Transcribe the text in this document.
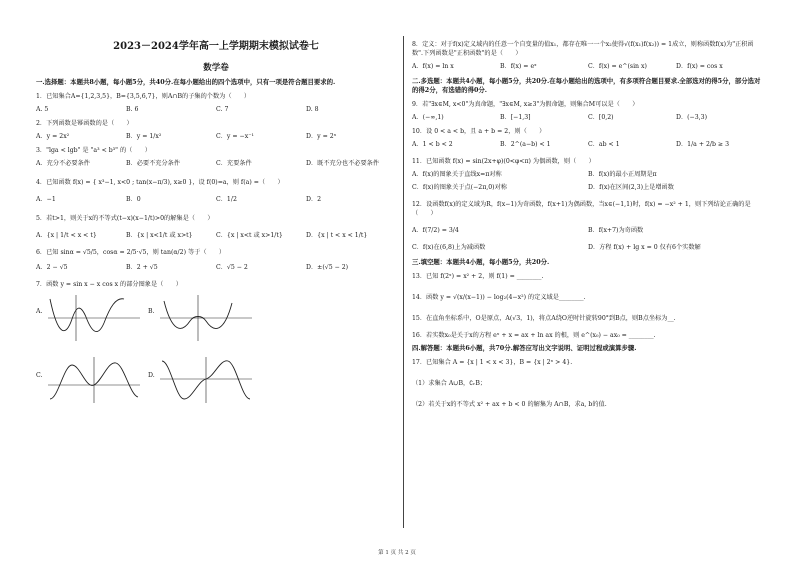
2023－2024学年高一上学期期末模拟试卷七
数学卷
一.选择题：本题共8小题，每小题5分，共40分.在每小题给出的四个选项中，只有一项是符合题目要求的.
1．已知集合A={1,2,3,5}，B={3,5,6,7}，则A∩B的子集的个数为（　　）
A. 5	B. 6	C. 7	D. 8
2．下列函数是幂函数的是（　　）
A．y = 2x²	B．y = 1/x²	C．y = −x⁻¹	D．y = 2ˣ
3．"lga < lgb" 是 "a³ < b³" 的（　　）
A．充分不必要条件	B．必要不充分条件	C．充要条件	D．既不充分也不必要条件
4．已知函数 f(x) = { x³−1, x<0 ; tan(x−π/3), x≥0 }，设 f(0)=a，则 f(a) =（　　）
A．−1	B．0	C．1/2	D．2
5．若t>1，则关于x的不等式(t−x)(x−1/t)>0的解集是（　　）
A．{x | 1/t < x < t}	B．{x | x<1/t 或 x>t}	C．{x | x<t 或 x>1/t}	D．{x | t < x < 1/t}
6．已知 sinα = √5/5，cosα = 2/5·√5，则 tan(α/2) 等于（　　）
A．2 − √5	B．2 + √5	C．√5 − 2	D．±(√5 − 2)
7．函数 y = sin x − x cos x 的部分图象是（　　）
A.	B.
C.	D.
8．定义：对于f(x)定义域内的任意一个自变量的值x₁，都存在唯一一个x₂使得√(f(x₁)f(x₂)) = 1成立，则称函数f(x)为"正积函数".下列函数是"正积函数"的是（　　）
A．f(x) = ln x	B．f(x) = eˣ	C．f(x) = e^(sin x)	D．f(x) = cos x
二.多选题：本题共4小题，每小题5分，共20分.在每小题给出的选项中，有多项符合题目要求.全部选对的得5分，部分选对的得2分，有选错的得0分.
9．若"∃x∈M, x<0"为真命题，"∃x∈M, x≥3"为假命题，则集合M可以是（　　）
A．(−∞,1)	B．[−1,3]	C．[0,2)	D．(−3,3)
10．设 0 < a < b，且 a + b = 2，则（　　）
A．1 < b < 2	B．2^(a−b) < 1	C．ab < 1	D．1/a + 2/b ≥ 3
11．已知函数 f(x) = sin(2x+φ)(0<φ<π) 为偶函数，则（　　）
A．f(x)的图象关于直线x=π对称	B．f(x)的最小正周期是π
C．f(x)的图象关于点(−2π,0)对称	D．f(x)在区间(2,3)上是增函数
12．设函数f(x)的定义域为R，f(x−1)为奇函数，f(x+1)为偶函数，当x∈(−1,1)时，f(x) = −x² + 1，则下列结论正确的是（　　）
A．f(7/2) = 3/4	B．f(x+7)为奇函数
C．f(x)在(6,8)上为减函数	D．方程 f(x) + lg x = 0 仅有6个实数解
三.填空题：本题共4小题，每小题5分，共20分.
13．已知 f(2ˣ) = x² + 2，则 f(1) = ________.
14．函数 y = √(x/(x−1)) − log₂(4−x²) 的定义域是________.
15．在直角坐标系中，O是原点，A(√3，1)，将点A绕O逆时针旋转90°到B点，则B点坐标为__.
16．若实数x₀是关于x的方程 eˣ + x = ax + ln ax 的根，则 e^(x₀) − ax₀ = ________.
四.解答题：本题共6小题，共70分.解答应写出文字说明、证明过程或演算步骤.
17．已知集合 A = {x | 1 < x < 3}，B = {x | 2ˣ > 4}.
（1）求集合 A∪B，∁ᵣB；
（2）若关于x的不等式 x² + ax + b < 0 的解集为 A∩B，求a, b的值.
第 1 页 共 2 页
